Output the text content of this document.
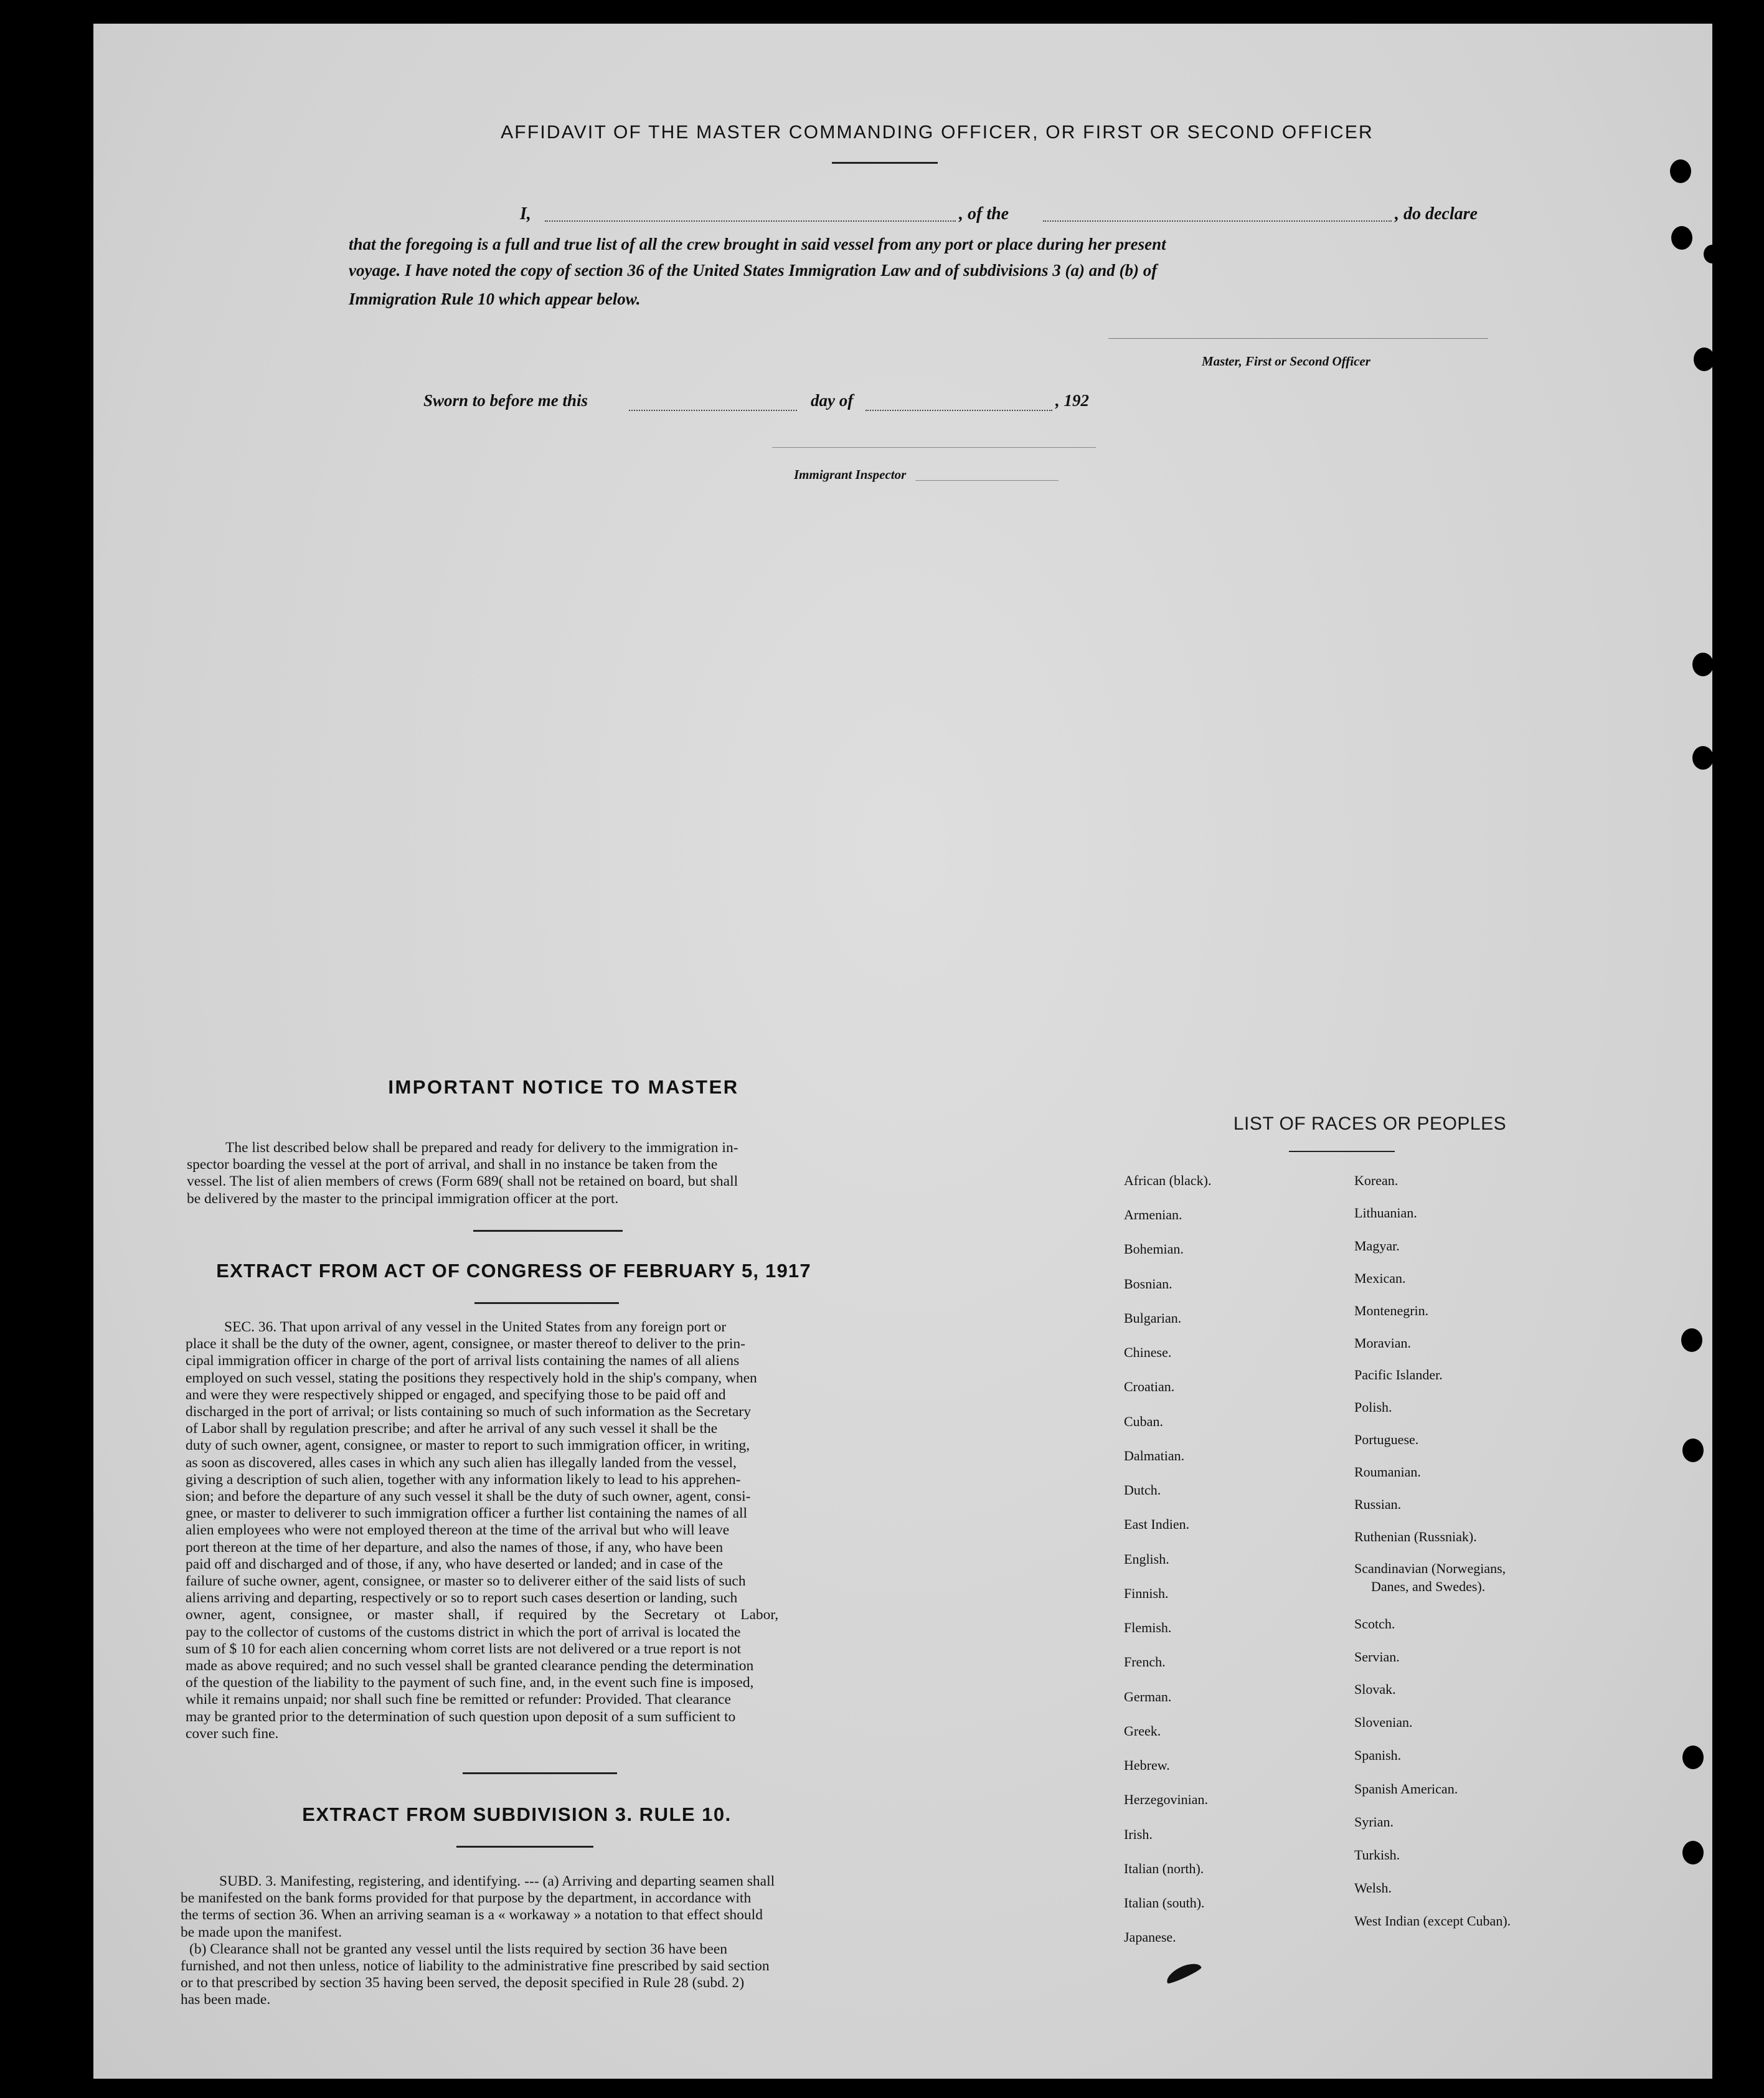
AFFIDAVIT OF THE MASTER COMMANDING OFFICER, OR FIRST OR SECOND OFFICER
I,	, of the	, do declare
that the foregoing is a full and true list of all the crew brought in said vessel from any port or place during her present
voyage. I have noted the copy of section 36 of the United States Immigration Law and of subdivisions 3 (a) and (b) of
Immigration Rule 10 which appear below.
Master, First or Second Officer
Sworn to before me this	day of	, 192
Immigrant Inspector
IMPORTANT NOTICE TO MASTER
The list described below shall be prepared and ready for delivery to the immigration in-
spector boarding the vessel at the port of arrival, and shall in no instance be taken from the
vessel. The list of alien members of crews (Form 689( shall not be retained on board, but shall
be delivered by the master to the principal immigration officer at the port.
EXTRACT FROM ACT OF CONGRESS OF FEBRUARY 5, 1917
SEC. 36. That upon arrival of any vessel in the United States from any foreign port or
place it shall be the duty of the owner, agent, consignee, or master thereof to deliver to the prin-
cipal immigration officer in charge of the port of arrival lists containing the names of all aliens
employed on such vessel, stating the positions they respectively hold in the ship's company, when
and were they were respectively shipped or engaged, and specifying those to be paid off and
discharged in the port of arrival; or lists containing so much of such information as the Secretary
of Labor shall by regulation prescribe; and after he arrival of any such vessel it shall be the
duty of such owner, agent, consignee, or master to report to such immigration officer, in writing,
as soon as discovered, alles cases in which any such alien has illegally landed from the vessel,
giving a description of such alien, together with any information likely to lead to his apprehen-
sion; and before the departure of any such vessel it shall be the duty of such owner, agent, consi-
gnee, or master to deliverer to such immigration officer a further list containing the names of all
alien employees who were not employed thereon at the time of the arrival but who will leave
port thereon at the time of her departure, and also the names of those, if any, who have been
paid off and discharged and of those, if any, who have deserted or landed; and in case of the
failure of suche owner, agent, consignee, or master so to deliverer either of the said lists of such
aliens arriving and departing, respectively or so to report such cases desertion or landing, such
owner, agent, consignee, or master shall, if required by the Secretary ot Labor,
pay to the collector of customs of the customs district in which the port of arrival is located the
sum of $ 10 for each alien concerning whom corret lists are not delivered or a true report is not
made as above required; and no such vessel shall be granted clearance pending the determination
of the question of the liability to the payment of such fine, and, in the event such fine is imposed,
while it remains unpaid; nor shall such fine be remitted or refunder: Provided. That clearance
may be granted prior to the determination of such question upon deposit of a sum sufficient to
cover such fine.
EXTRACT FROM SUBDIVISION 3. RULE 10.
SUBD. 3. Manifesting, registering, and identifying. --- (a) Arriving and departing seamen shall
be manifested on the bank forms provided for that purpose by the department, in accordance with
the terms of section 36. When an arriving seaman is a « workaway » a notation to that effect should
be made upon the manifest.
(b) Clearance shall not be granted any vessel until the lists required by section 36 have been
furnished, and not then unless, notice of liability to the administrative fine prescribed by said section
or to that prescribed by section 35 having been served, the deposit specified in Rule 28 (subd. 2)
has been made.
LIST OF RACES OR PEOPLES
African (black).
Armenian.
Bohemian.
Bosnian.
Bulgarian.
Chinese.
Croatian.
Cuban.
Dalmatian.
Dutch.
East Indien.
English.
Finnish.
Flemish.
French.
German.
Greek.
Hebrew.
Herzegovinian.
Irish.
Italian (north).
Italian (south).
Japanese.
Korean.
Lithuanian.
Magyar.
Mexican.
Montenegrin.
Moravian.
Pacific Islander.
Polish.
Portuguese.
Roumanian.
Russian.
Ruthenian (Russniak).
Scandinavian (Norwegians,
Danes, and Swedes).
Scotch.
Servian.
Slovak.
Slovenian.
Spanish.
Spanish American.
Syrian.
Turkish.
Welsh.
West Indian (except Cuban).
